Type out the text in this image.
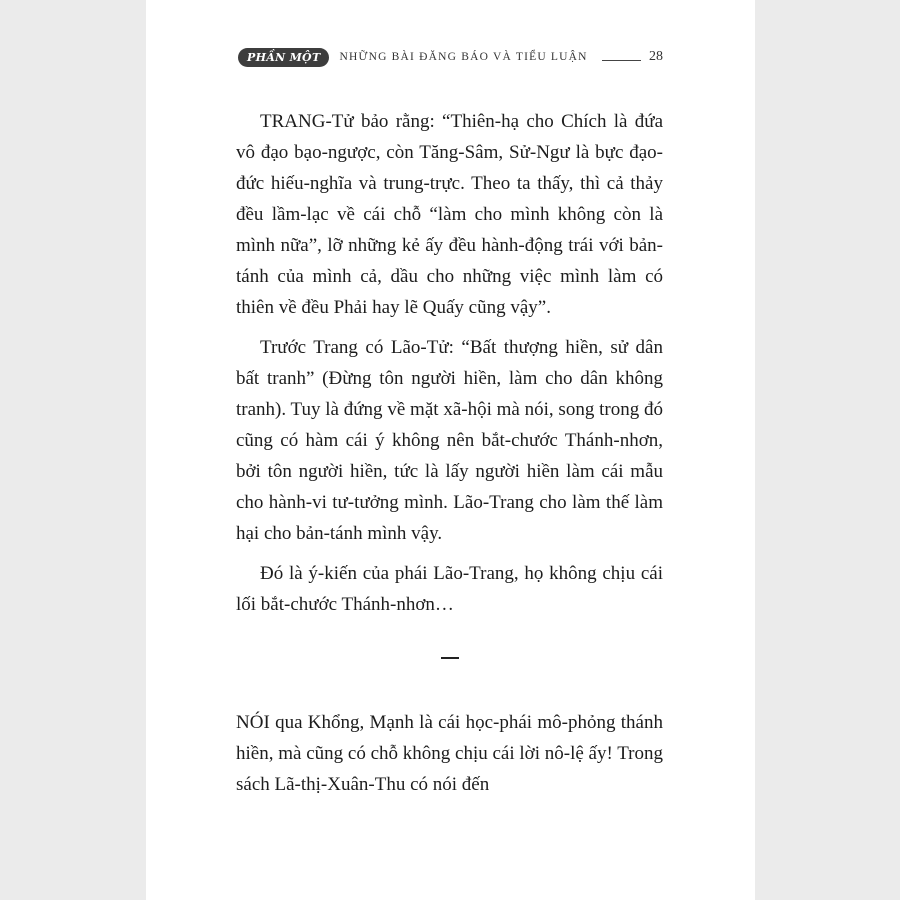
PHẦN MỘT	NHỮNG BÀI ĐĂNG BÁO VÀ TIỂU LUẬN	28

TRANG-Tử bảo rằng: “Thiên-hạ cho Chích là đứa vô đạo bạo-ngược, còn Tăng-Sâm, Sử-Ngư là bực đạo-đức hiếu-nghĩa và trung-trực. Theo ta thấy, thì cả thảy đều lầm-lạc về cái chỗ “làm cho mình không còn là mình nữa”, lỡ những kẻ ấy đều hành-động trái với bản-tánh của mình cả, dầu cho những việc mình làm có thiên về đều Phải hay lẽ Quấy cũng vậy”.

Trước Trang có Lão-Tử: “Bất thượng hiền, sử dân bất tranh” (Đừng tôn người hiền, làm cho dân không tranh). Tuy là đứng về mặt xã-hội mà nói, song trong đó cũng có hàm cái ý không nên bắt-chước Thánh-nhơn, bởi tôn người hiền, tức là lấy người hiền làm cái mẫu cho hành-vi tư-tưởng mình. Lão-Trang cho làm thế làm hại cho bản-tánh mình vậy.

Đó là ý-kiến của phái Lão-Trang, họ không chịu cái lối bắt-chước Thánh-nhơn…

NÓI qua Khổng, Mạnh là cái học-phái mô-phỏng thánh hiền, mà cũng có chỗ không chịu cái lời nô-lệ ấy! Trong sách Lã-thị-Xuân-Thu có nói đến
